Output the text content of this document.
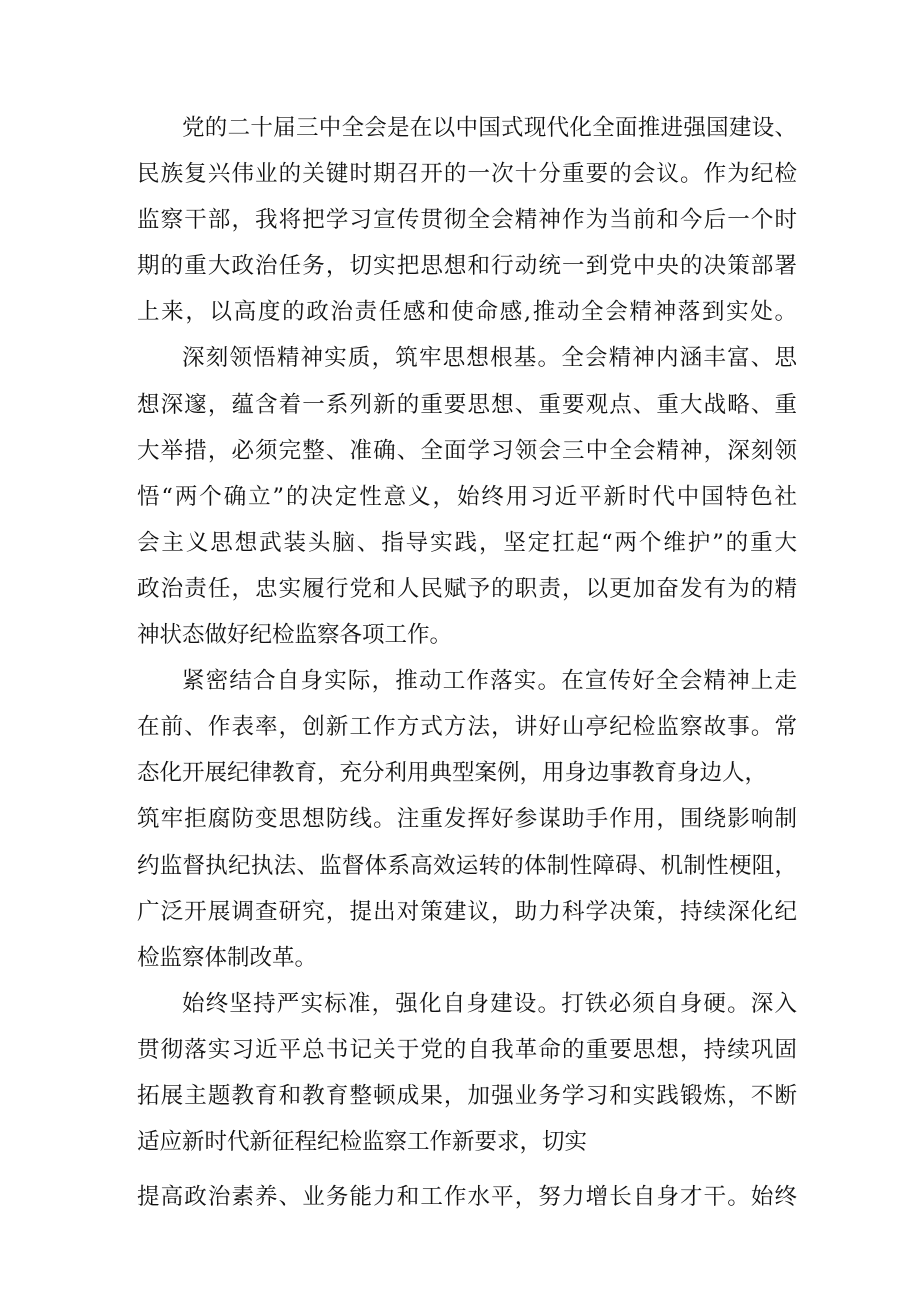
党的二十届三中全会是在以中国式现代化全面推进强国建设、
民族复兴伟业的关键时期召开的一次十分重要的会议。作为纪检
监察干部，我将把学习宣传贯彻全会精神作为当前和今后一个时
期的重大政治任务，切实把思想和行动统一到党中央的决策部署
上来，以高度的政治责任感和使命感,推动全会精神落到实处。
深刻领悟精神实质，筑牢思想根基。全会精神内涵丰富、思
想深邃，蕴含着一系列新的重要思想、重要观点、重大战略、重
大举措，必须完整、准确、全面学习领会三中全会精神，深刻领
悟“两个确立”的决定性意义，始终用习近平新时代中国特色社
会主义思想武装头脑、指导实践，坚定扛起“两个维护”的重大
政治责任，忠实履行党和人民赋予的职责，以更加奋发有为的精
神状态做好纪检监察各项工作。
紧密结合自身实际，推动工作落实。在宣传好全会精神上走
在前、作表率，创新工作方式方法，讲好山亭纪检监察故事。常
态化开展纪律教育，充分利用典型案例，用身边事教育身边人，
筑牢拒腐防变思想防线。注重发挥好参谋助手作用，围绕影响制
约监督执纪执法、监督体系高效运转的体制性障碍、机制性梗阻，
广泛开展调查研究，提出对策建议，助力科学决策，持续深化纪
检监察体制改革。
始终坚持严实标准，强化自身建设。打铁必须自身硬。深入
贯彻落实习近平总书记关于党的自我革命的重要思想，持续巩固
拓展主题教育和教育整顿成果，加强业务学习和实践锻炼，不断
适应新时代新征程纪检监察工作新要求，切实
提高政治素养、业务能力和工作水平，努力增长自身才干。始终
